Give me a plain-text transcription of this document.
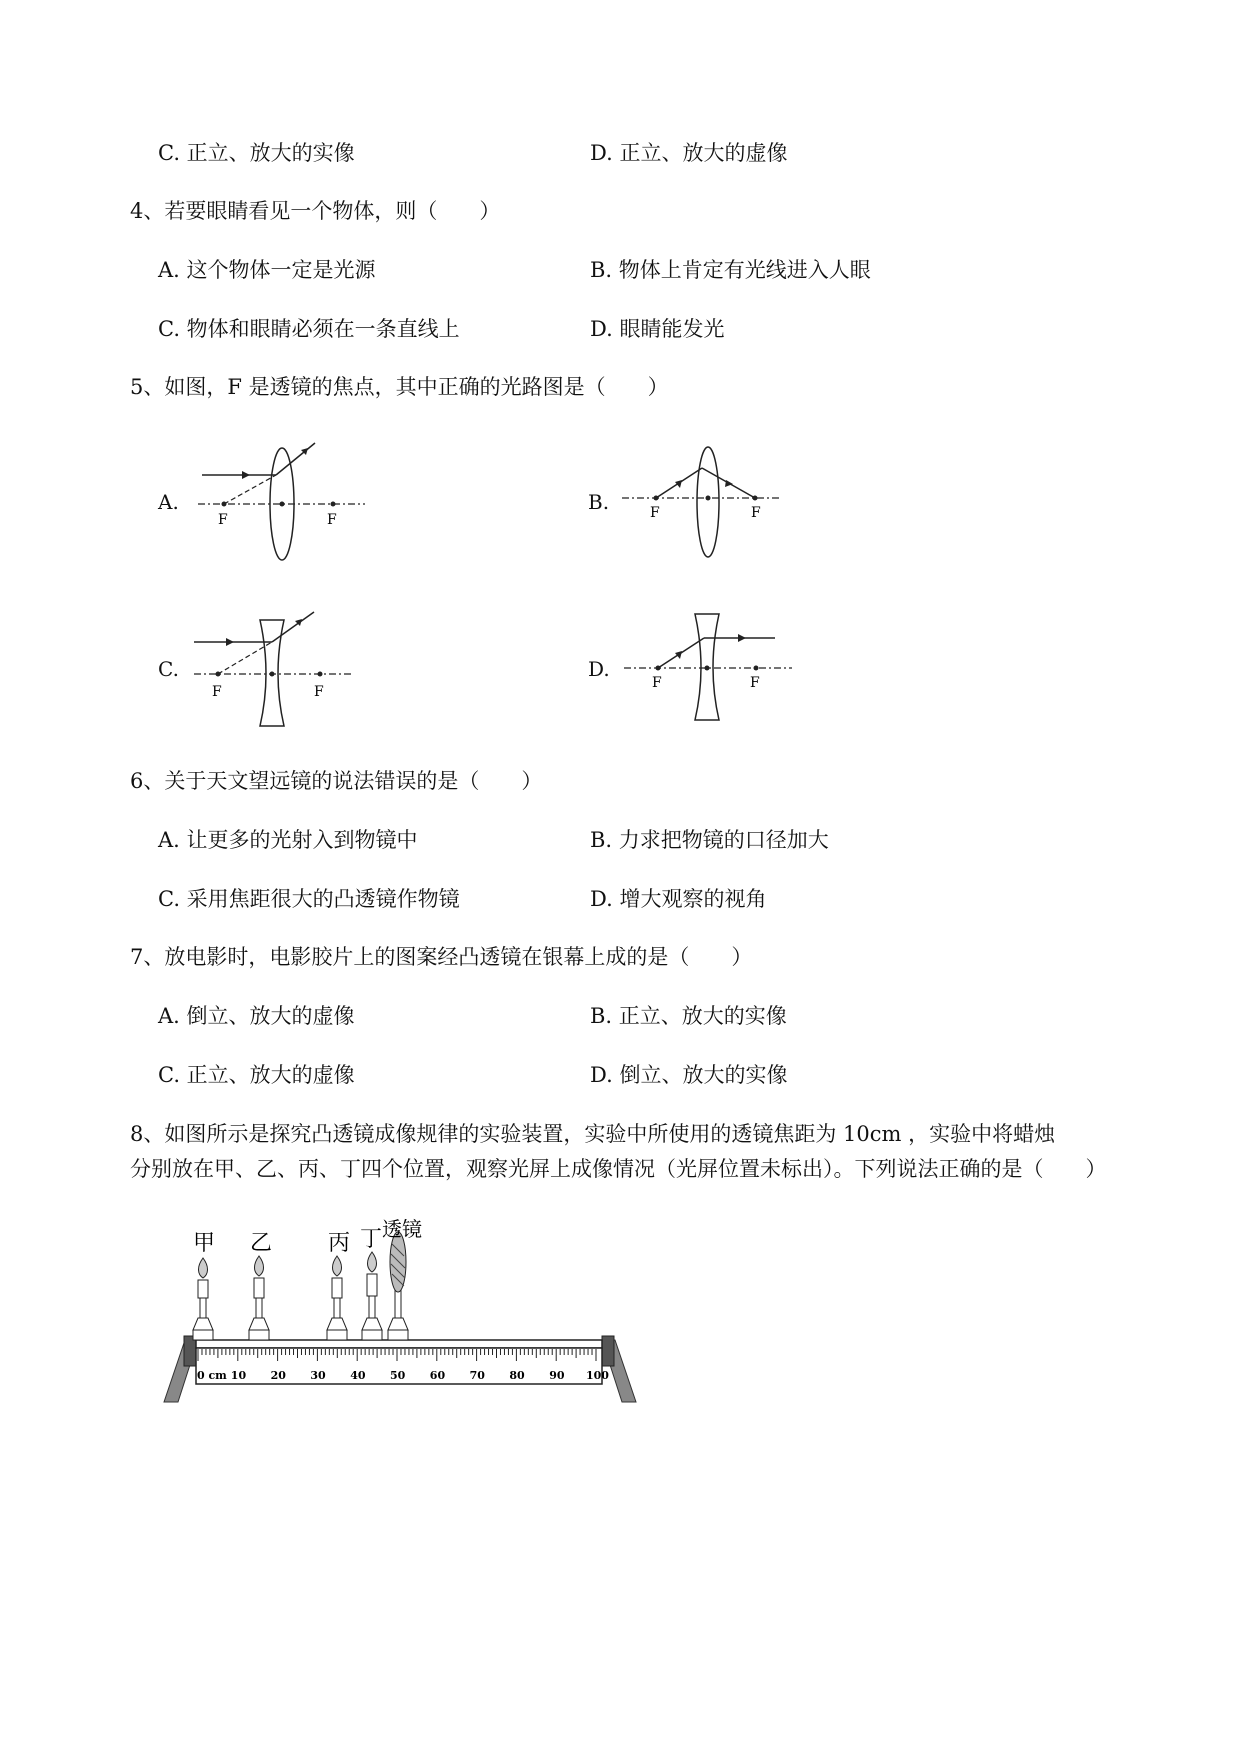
C. 正立、放大的实像	D. 正立、放大的虚像
4、若要眼睛看见一个物体，则（　　）
A. 这个物体一定是光源	B. 物体上肯定有光线进入人眼
C. 物体和眼睛必须在一条直线上	D. 眼睛能发光
5、如图，F 是透镜的焦点，其中正确的光路图是（　　）
A.	B.
C.	D.
F	F	F	F
F	F
F	F
6、关于天文望远镜的说法错误的是（　　）
A. 让更多的光射入到物镜中	B. 力求把物镜的口径加大
C. 采用焦距很大的凸透镜作物镜	D. 增大观察的视角
7、放电影时，电影胶片上的图案经凸透镜在银幕上成的是（　　）
A. 倒立、放大的虚像	B. 正立、放大的实像
C. 正立、放大的虚像	D. 倒立、放大的实像
8、如图所示是探究凸透镜成像规律的实验装置，实验中所使用的透镜焦距为 10cm ，实验中将蜡烛
分别放在甲、乙、丙、丁四个位置，观察光屏上成像情况（光屏位置未标出）。下列说法正确的是（　　）
0 cm 10 20 30 40 50 60 70 80 90 100
甲 乙	丙 丁 透镜
